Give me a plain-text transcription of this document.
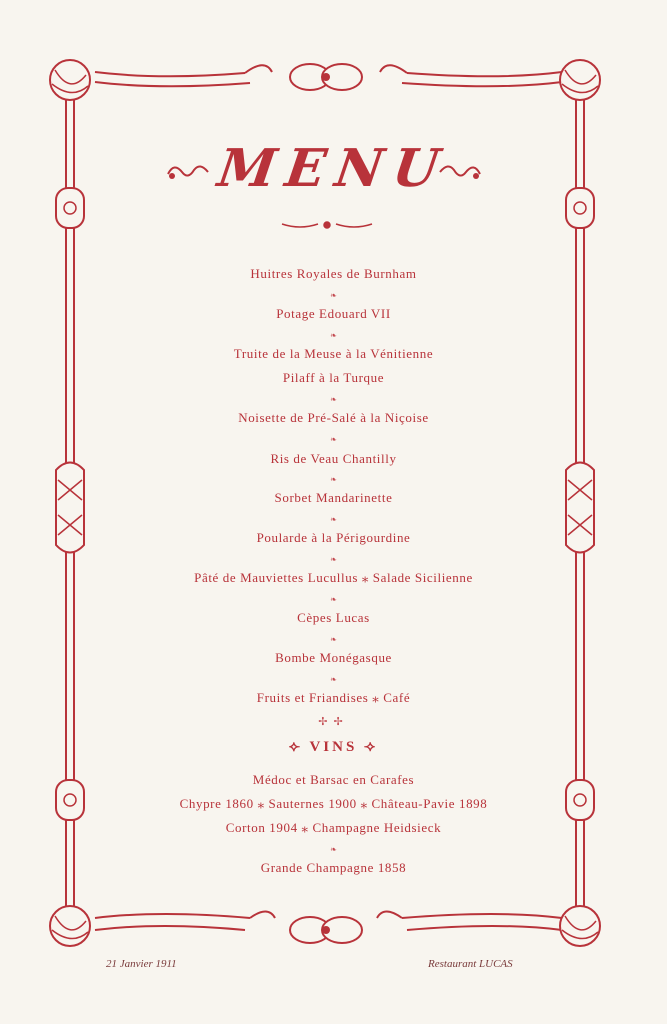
MENU
Huitres Royales de Burnham
❧
Potage Edouard VII
❧
Truite de la Meuse à la Vénitienne
Pilaff à la Turque
❧
Noisette de Pré-Salé à la Niçoise
❧
Ris de Veau Chantilly
❧
Sorbet Mandarinette
❧
Poularde à la Périgourdine
❧
Pâté de Mauviettes Lucullus ⁎ Salade Sicilienne
❧
Cèpes Lucas
❧
Bombe Monégasque
❧
Fruits et Friandises ⁎ Café
✢✢
⟣ VINS ⟢
Médoc et Barsac en Carafes
Chypre 1860 ⁎ Sauternes 1900 ⁎ Château-Pavie 1898
Corton 1904 ⁎ Champagne Heidsieck
❧
Grande Champagne 1858
21 Janvier 1911	Restaurant LUCAS
